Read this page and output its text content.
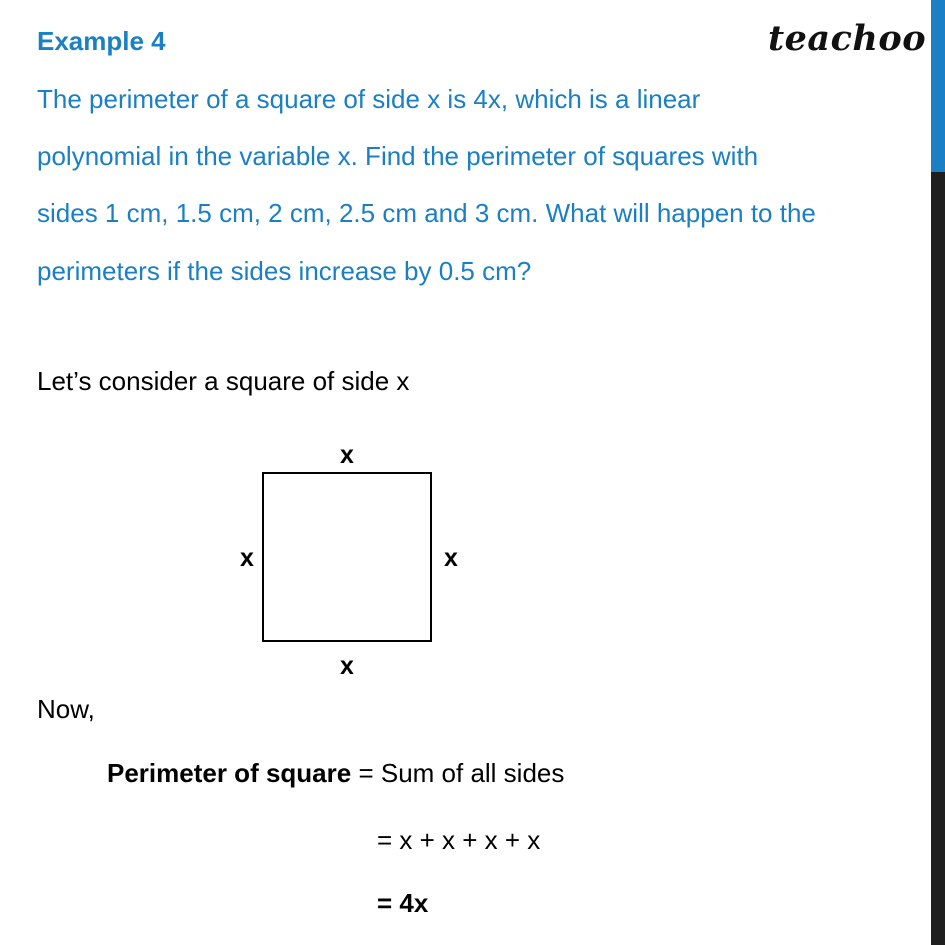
Example 4	teachoo
The perimeter of a square of side x is 4x, which is a linear
polynomial in the variable x. Find the perimeter of squares with
sides 1 cm, 1.5 cm, 2 cm, 2.5 cm and 3 cm. What will happen to the
perimeters if the sides increase by 0.5 cm?
Let’s consider a square of side x
x
x	x
x
Now,
Perimeter of square = Sum of all sides
= x + x + x + x
= 4x
